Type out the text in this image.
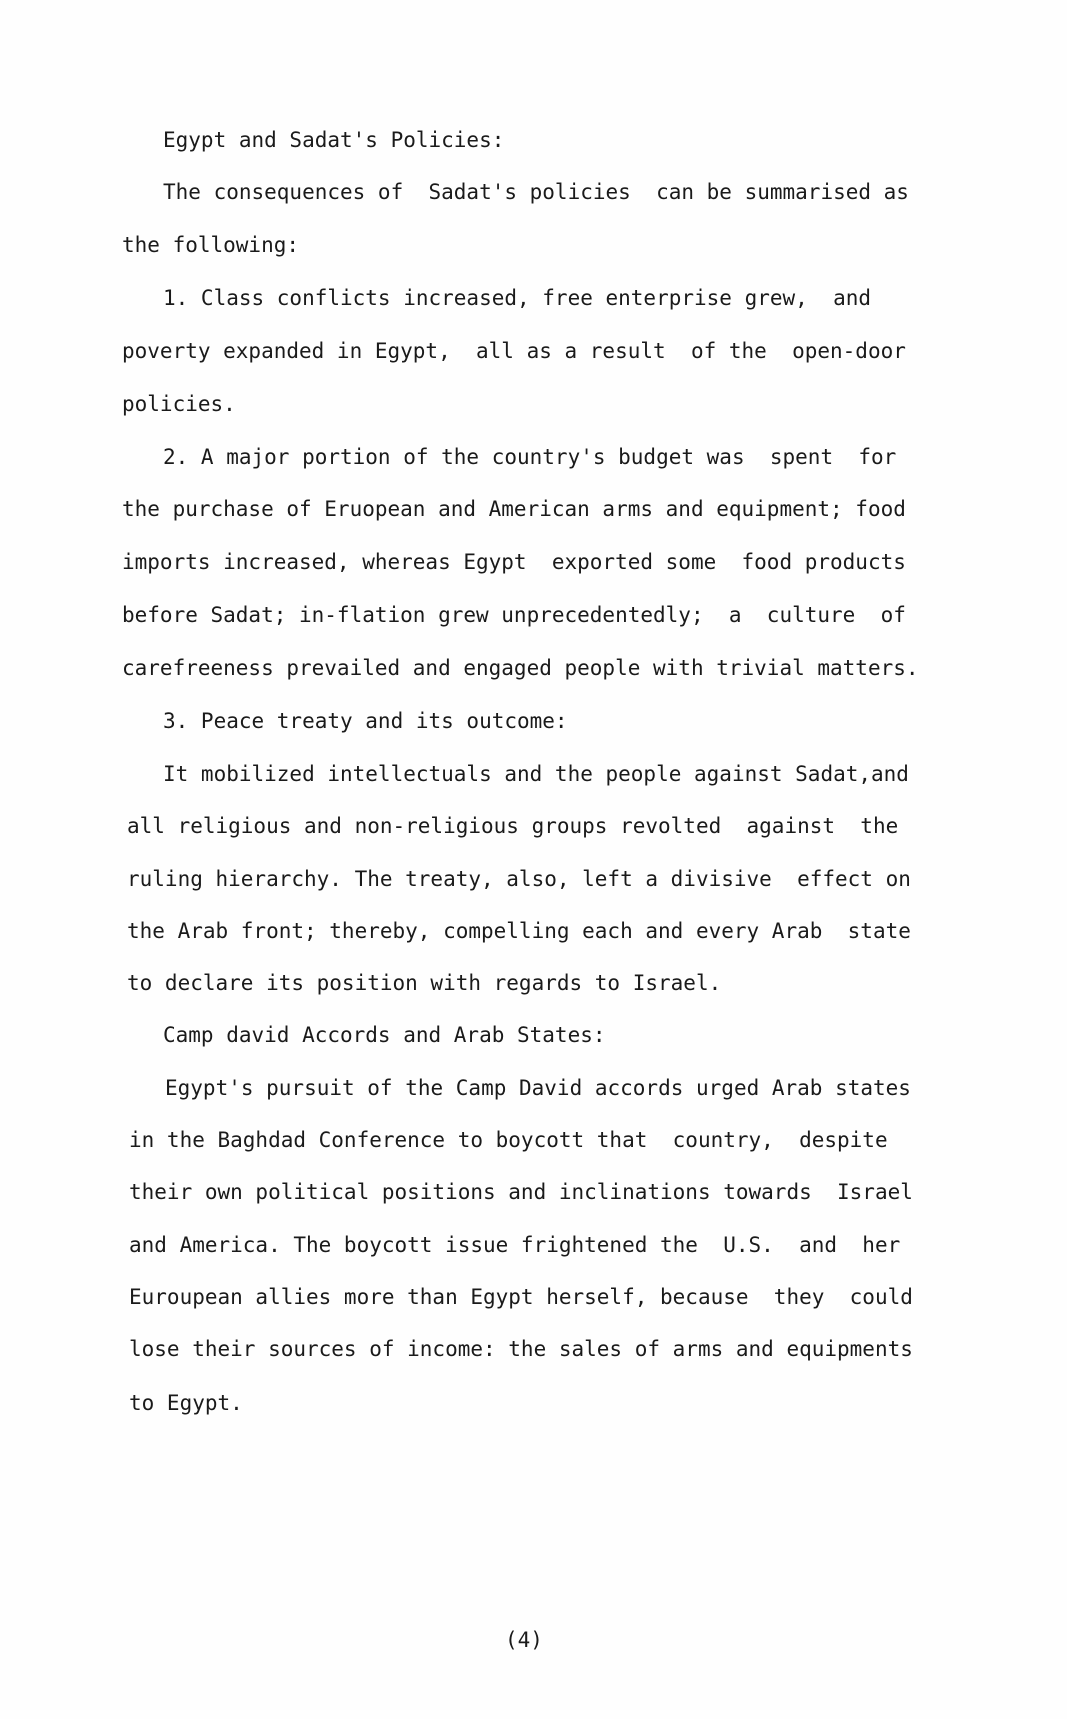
Egypt and Sadat's Policies:
The consequences of  Sadat's policies  can be summarised as
the following:
1. Class conflicts increased, free enterprise grew,  and
poverty expanded in Egypt,  all as a result  of the  open-door
policies.
2. A major portion of the country's budget was  spent  for
the purchase of Eruopean and American arms and equipment; food
imports increased, whereas Egypt  exported some  food products
before Sadat; in-flation grew unprecedentedly;  a  culture  of
carefreeness prevailed and engaged people with trivial matters.
3. Peace treaty and its outcome:
It mobilized intellectuals and the people against Sadat,and
all religious and non-religious groups revolted  against  the
ruling hierarchy. The treaty, also, left a divisive  effect on
the Arab front; thereby, compelling each and every Arab  state
to declare its position with regards to Israel.
Camp david Accords and Arab States:
Egypt's pursuit of the Camp David accords urged Arab states
in the Baghdad Conference to boycott that  country,  despite
their own political positions and inclinations towards  Israel
and America. The boycott issue frightened the  U.S.  and  her
Euroupean allies more than Egypt herself, because  they  could
lose their sources of income: the sales of arms and equipments
to Egypt.
(4)
